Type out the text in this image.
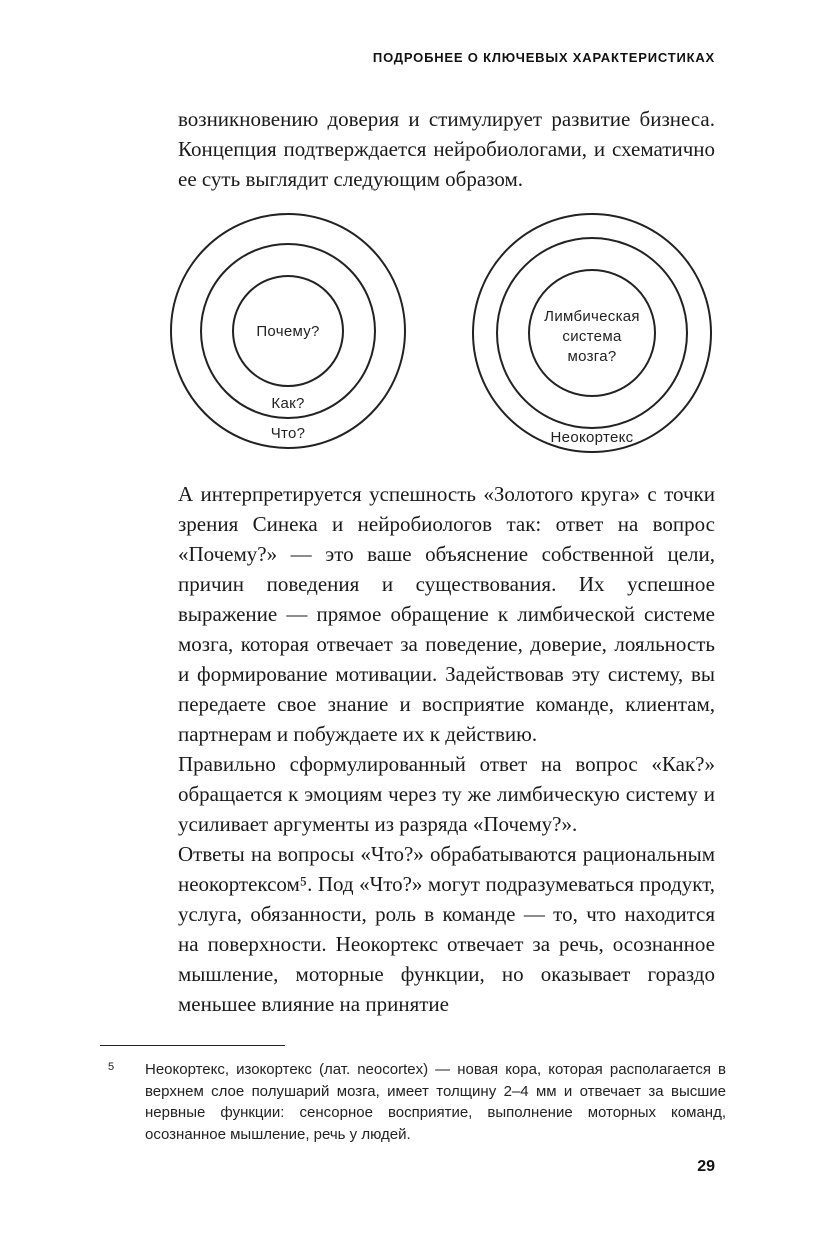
ПОДРОБНЕЕ О КЛЮЧЕВЫХ ХАРАКТЕРИСТИКАХ

возникновению доверия и стимулирует развитие бизнеса. Концепция подтверждается нейробиологами, и схематично ее суть выглядит следующим образом.

Почему?
Как?
Что?
Лимбическая система мозга?
Неокортекс

А интерпретируется успешность «Золотого круга» с точки зрения Синека и нейробиологов так: ответ на вопрос «Почему?» — это ваше объяснение собственной цели, причин поведения и существования. Их успешное выражение — прямое обращение к лимбической системе мозга, которая отвечает за поведение, доверие, лояльность и формирование мотивации. Задействовав эту систему, вы передаете свое знание и восприятие команде, клиентам, партнерам и побуждаете их к действию.

Правильно сформулированный ответ на вопрос «Как?» обращается к эмоциям через ту же лимбическую систему и усиливает аргументы из разряда «Почему?».

Ответы на вопросы «Что?» обрабатываются рациональным неокортексом⁵. Под «Что?» могут подразумеваться продукт, услуга, обязанности, роль в команде — то, что находится на поверхности. Неокортекс отвечает за речь, осознанное мышление, моторные функции, но оказывает гораздо меньшее влияние на принятие

5 Неокортекс, изокортекс (лат. neocortex) — новая кора, которая располагается в верхнем слое полушарий мозга, имеет толщину 2–4 мм и отвечает за высшие нервные функции: сенсорное восприятие, выполнение моторных команд, осознанное мышление, речь у людей.
29
